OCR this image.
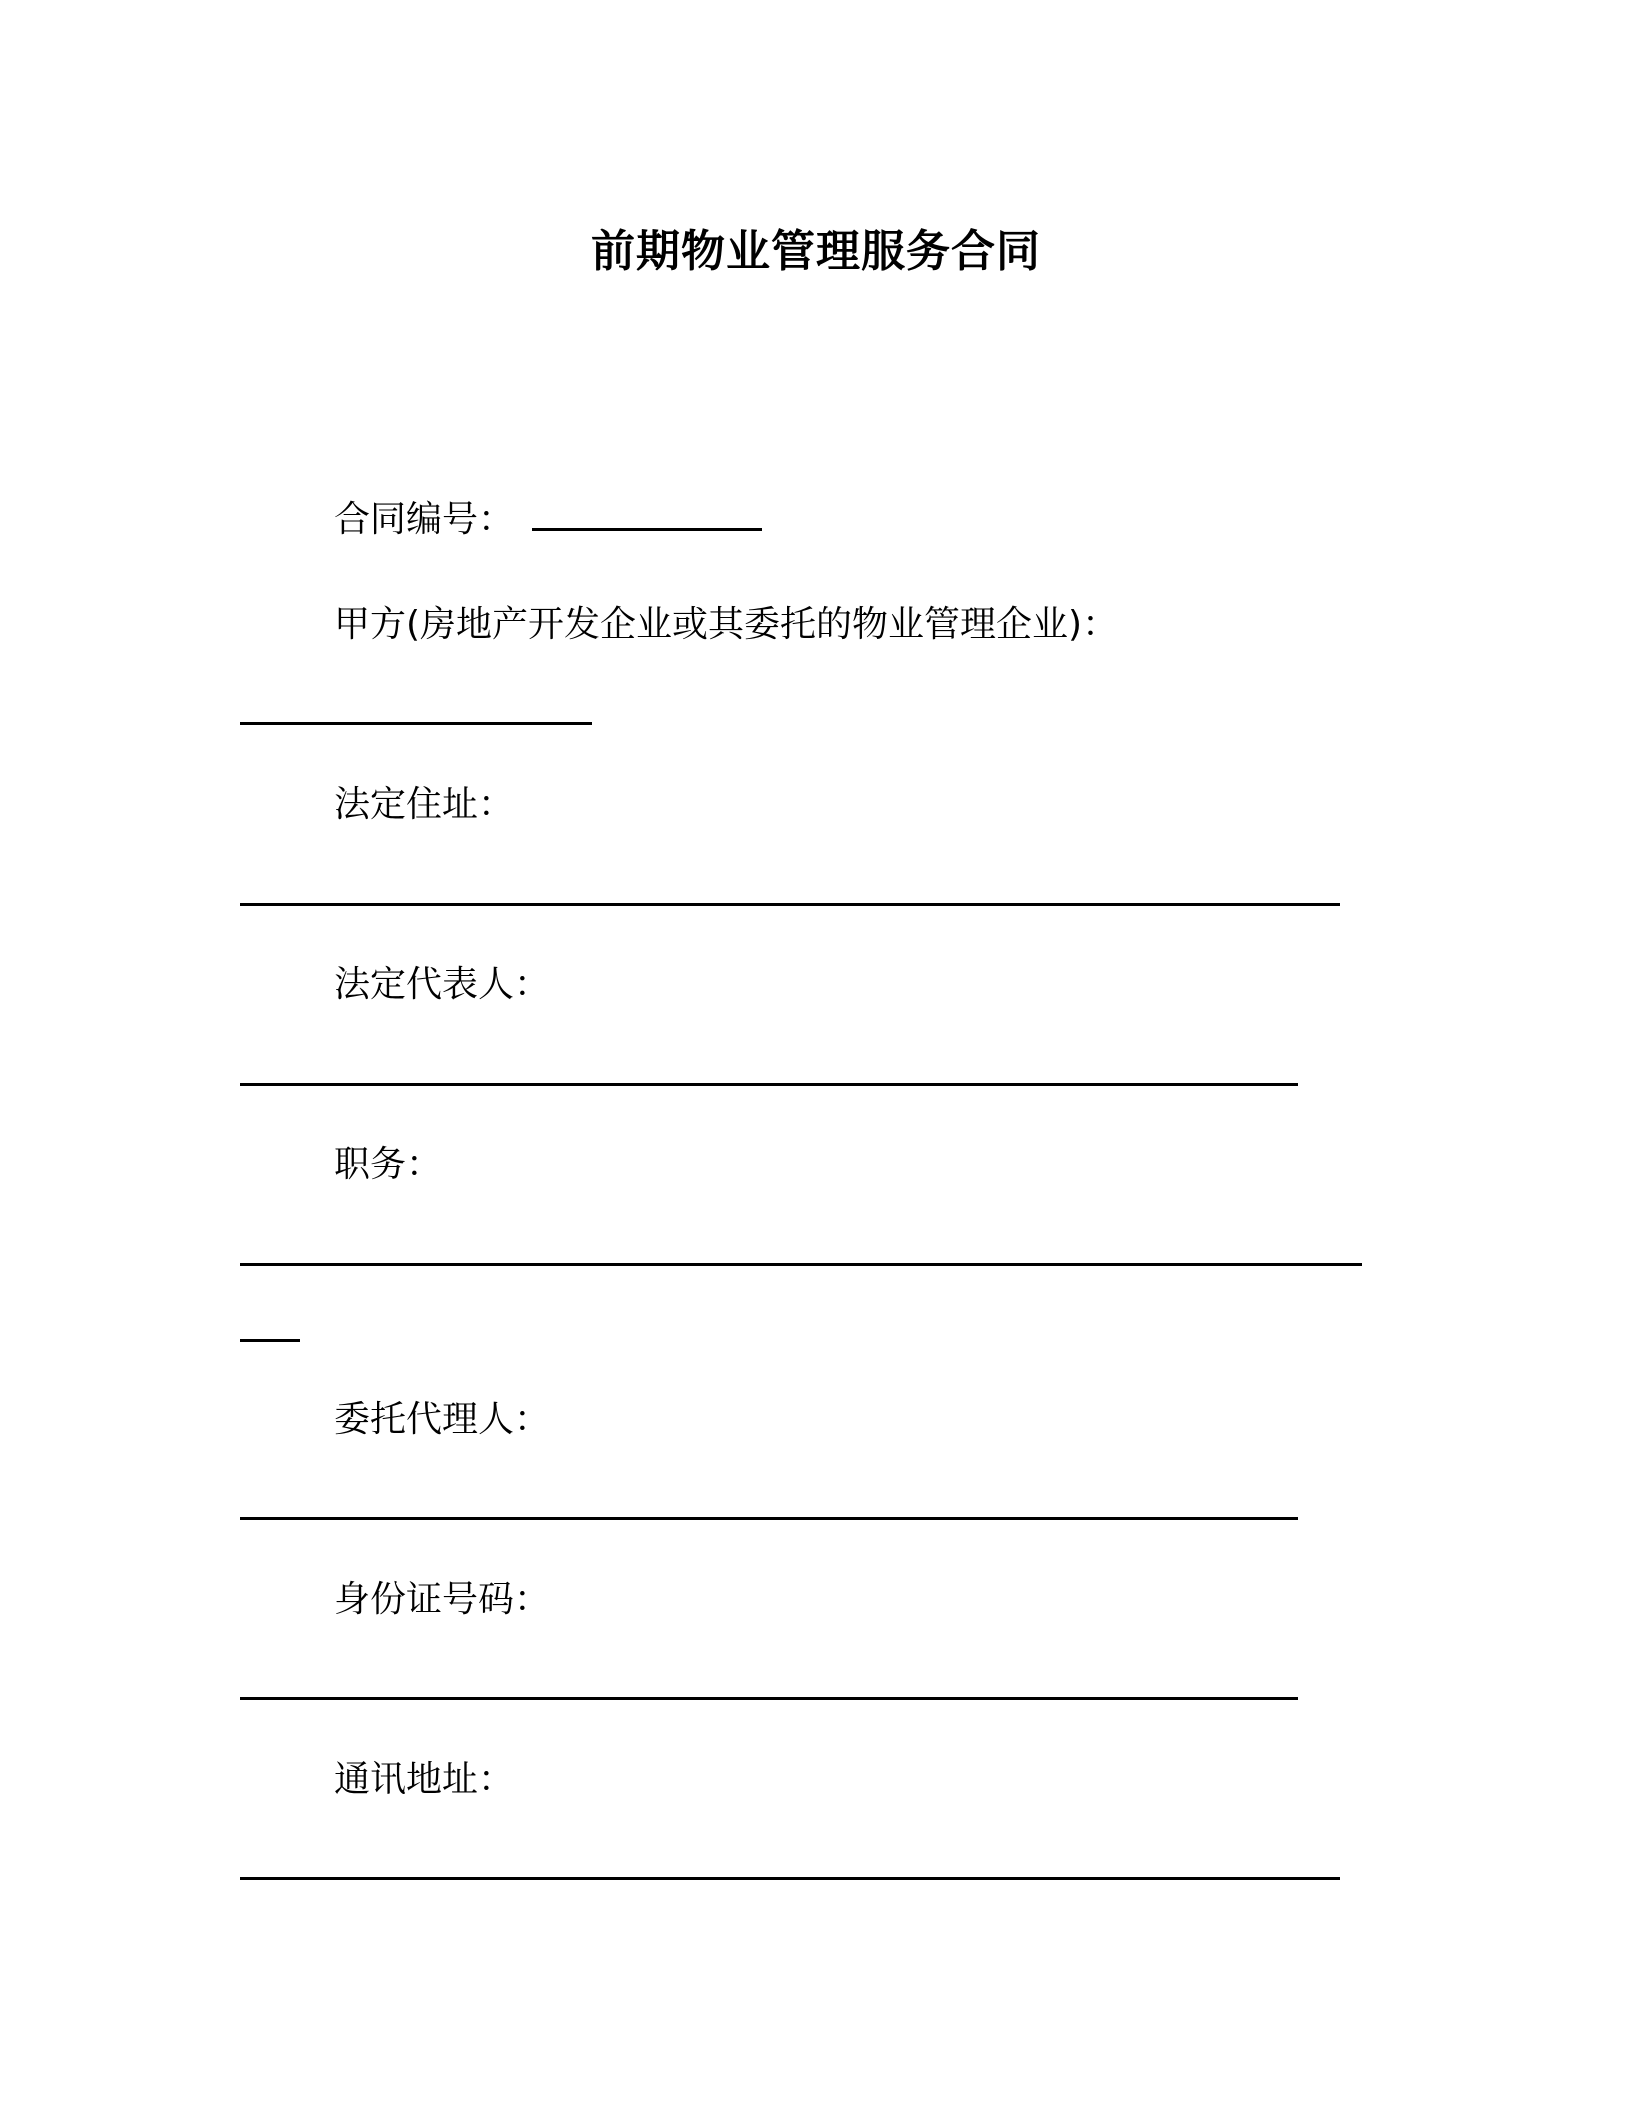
前期物业管理服务合同
合同编号：
甲方(房地产开发企业或其委托的物业管理企业)：
法定住址：
法定代表人：
职务：
委托代理人：
身份证号码：
通讯地址：
